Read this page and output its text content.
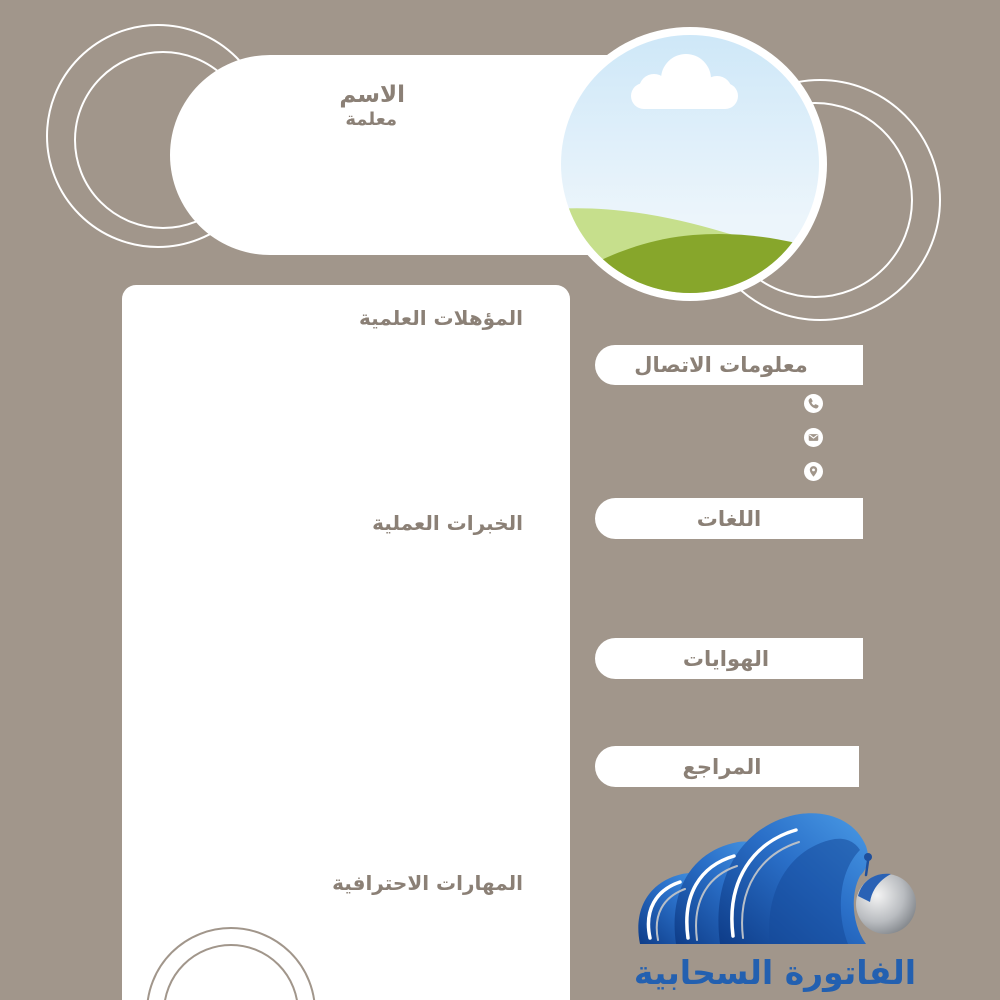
الاسم
معلمة
المؤهلات العلمية
الخبرات العملية
المهارات الاحترافية
معلومات الاتصال
اللغات
الهوايات
المراجع
الفاتورة السحابية
